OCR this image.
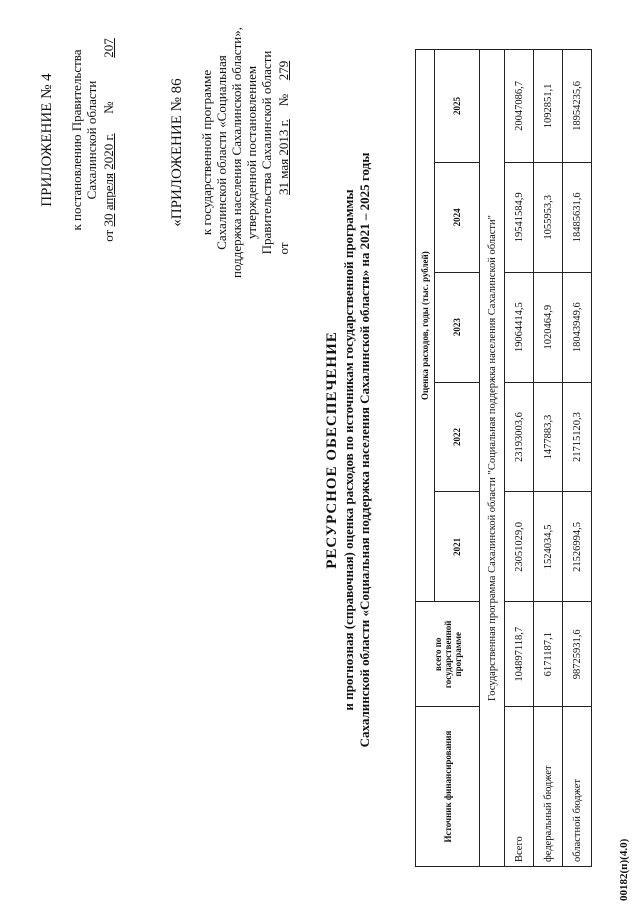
ПРИЛОЖЕНИЕ № 4 к постановлению Правительства Сахалинской области
от 30 апреля 2020 г.      № 207
«ПРИЛОЖЕНИЕ № 86 к государственной программе Сахалинской области «Социальная поддержка населения Сахалинской области», утвержденной постановлением Правительства Сахалинской области от 31 мая 2013 г.    № 279
РЕСУРСНОЕ ОБЕСПЕЧЕНИЕ и прогнозная (справочная) оценка расходов по источникам государственной программы Сахалинской области «Социальная поддержка населения Сахалинской области» на 2021 – 2025 годы
Источник финансирования	всего по государственной программе	Оценка расходов, годы (тыс. рублей)				
		2021	2022	2023	2024	2025
Государственная программа Сахалинской области "Социальная поддержка населения Сахалинской области"						
Всего	104897118,7	23051029,0	23193003,6	19064414,5	19541584,9	20047086,7
федеральный бюджет	6171187,1	1524034,5	1477883,3	1020464,9	1055953,3	1092851,1
областной бюджет	98725931,6	21526994,5	21715120,3	18043949,6	18485631,6	18954235,6
00182(п)(4.0)
